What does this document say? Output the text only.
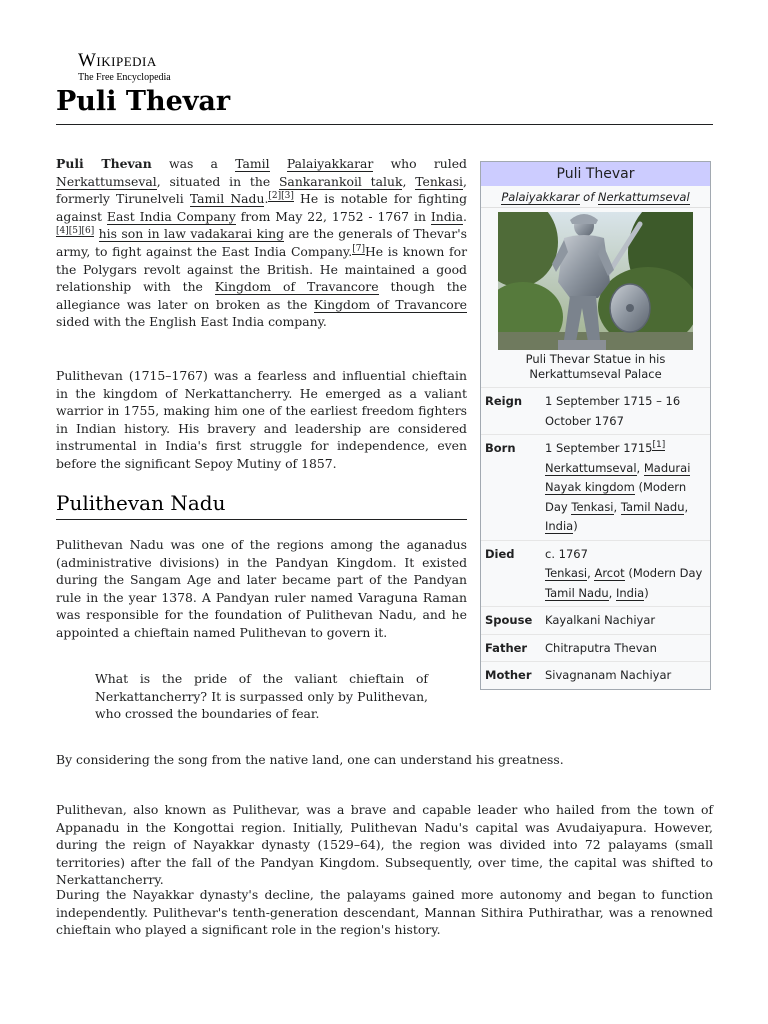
Wikipedia
The Free Encyclopedia
Puli Thevar

Puli Thevan was a Tamil Palaiyakkarar who ruled Nerkattumseval, situated in the Sankarankoil taluk, Tenkasi, formerly Tirunelveli Tamil Nadu.[2][3] He is notable for fighting against East India Company from May 22, 1752 - 1767 in India.[4][5][6] his son in law vadakarai king are the generals of Thevar's army, to fight against the East India Company.[7]He is known for the Polygars revolt against the British. He maintained a good relationship with the Kingdom of Travancore though the allegiance was later on broken as the Kingdom of Travancore sided with the English East India company.

Pulithevan (1715–1767) was a fearless and influential chieftain in the kingdom of Nerkattancherry. He emerged as a valiant warrior in 1755, making him one of the earliest freedom fighters in Indian history. His bravery and leadership are considered instrumental in India's first struggle for independence, even before the significant Sepoy Mutiny of 1857.

Pulithevan Nadu

Pulithevan Nadu was one of the regions among the aganadus (administrative divisions) in the Pandyan Kingdom. It existed during the Sangam Age and later became part of the Pandyan rule in the year 1378. A Pandyan ruler named Varaguna Raman was responsible for the foundation of Pulithevan Nadu, and he appointed a chieftain named Pulithevan to govern it.

What is the pride of the valiant chieftain of Nerkattancherry? It is surpassed only by Pulithevan, who crossed the boundaries of fear.

By considering the song from the native land, one can understand his greatness.

Pulithevan, also known as Pulithevar, was a brave and capable leader who hailed from the town of Appanadu in the Kongottai region. Initially, Pulithevan Nadu's capital was Avudaiyapura. However, during the reign of Nayakkar dynasty (1529–64), the region was divided into 72 palayams (small territories) after the fall of the Pandyan Kingdom. Subsequently, over time, the capital was shifted to Nerkattancherry.

During the Nayakkar dynasty's decline, the palayams gained more autonomy and began to function independently. Pulithevar's tenth-generation descendant, Mannan Sithira Puthirathar, was a renowned chieftain who played a significant role in the region's history.

Puli Thevar
Palaiyakkarar of Nerkattumseval
Puli Thevar Statue in his Nerkattumseval Palace
Reign	1 September 1715 – 16 October 1767
Born	1 September 1715[1]
Nerkattumseval, Madurai Nayak kingdom (Modern Day Tenkasi, Tamil Nadu, India)
Died	c. 1767
Tenkasi, Arcot (Modern Day Tamil Nadu, India)
Spouse	Kayalkani Nachiyar
Father	Chitraputra Thevan
Mother	Sivagnanam Nachiyar
